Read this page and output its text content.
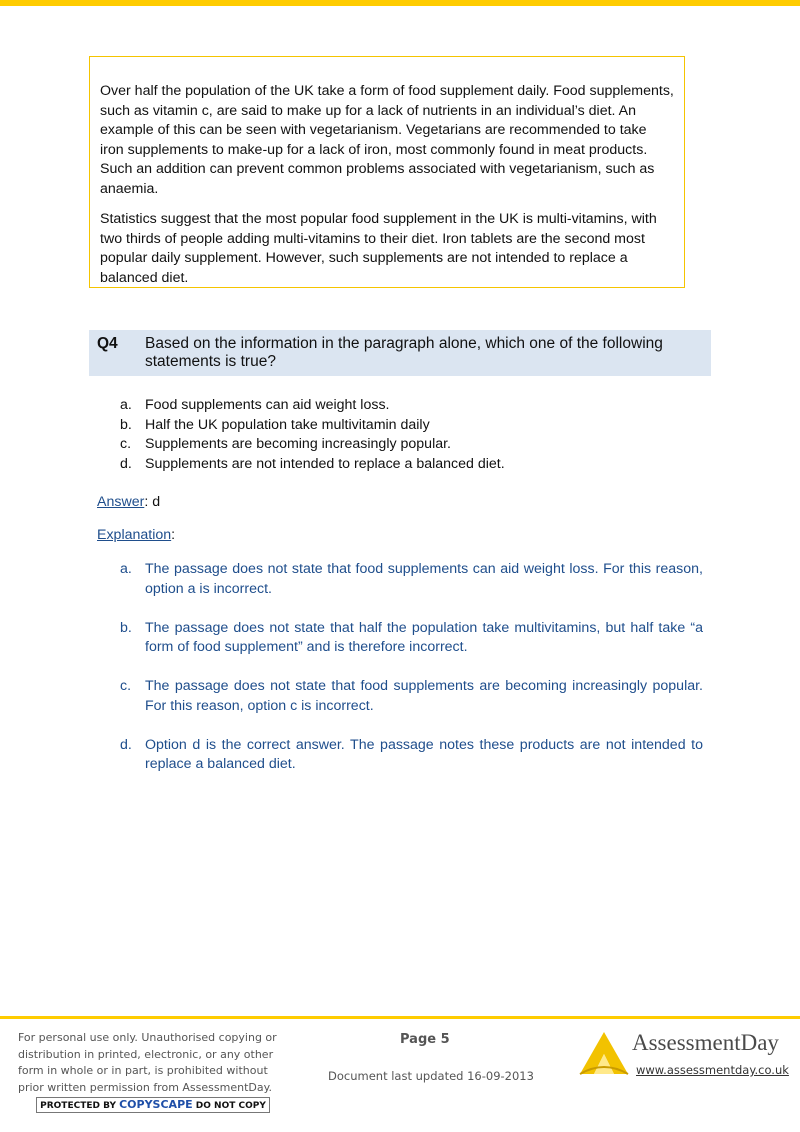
Over half the population of the UK take a form of food supplement daily. Food supplements, such as vitamin c, are said to make up for a lack of nutrients in an individual’s diet. An example of this can be seen with vegetarianism. Vegetarians are recommended to take iron supplements to make-up for a lack of iron, most commonly found in meat products. Such an addition can prevent common problems associated with vegetarianism, such as anaemia.

Statistics suggest that the most popular food supplement in the UK is multi-vitamins, with two thirds of people adding multi-vitamins to their diet. Iron tablets are the second most popular daily supplement. However, such supplements are not intended to replace a balanced diet.

Q4	Based on the information in the paragraph alone, which one of the following statements is true?
a. Food supplements can aid weight loss.
b. Half the UK population take multivitamin daily
c. Supplements are becoming increasingly popular.
d. Supplements are not intended to replace a balanced diet.
Answer: d
Explanation:
a. The passage does not state that food supplements can aid weight loss. For this reason, option a is incorrect.
b. The passage does not state that half the population take multivitamins, but half take “a form of food supplement” and is therefore incorrect.
c. The passage does not state that food supplements are becoming increasingly popular. For this reason, option c is incorrect.
d. Option d is the correct answer. The passage notes these products are not intended to replace a balanced diet.
For personal use only. Unauthorised copying or distribution in printed, electronic, or any other form in whole or in part, is prohibited without prior written permission from AssessmentDay.
PROTECTED BY COPYSCAPE DO NOT COPY
Page 5
Document last updated 16-09-2013
AssessmentDay
www.assessmentday.co.uk
